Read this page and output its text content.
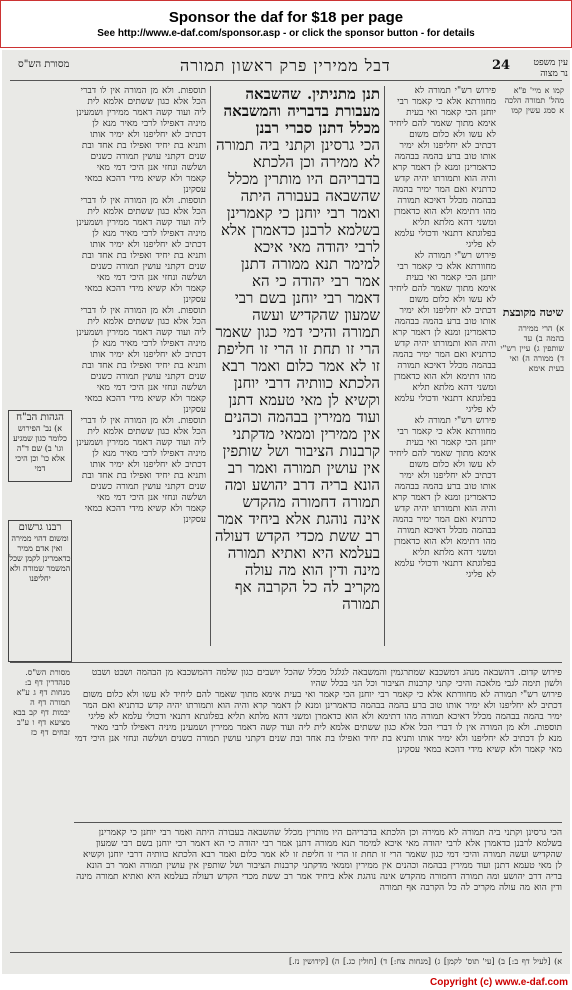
Sponsor the daf for $18 per page
See http://www.e-daf.com/sponsor.asp - or click the sponsor button - for details
מסורת הש"ס	דבל ממירין פרק ראשון תמורה	24	עין משפט נר מצוה

תוספות. ולא מן המורה אין לו דברי הכל אלא כגון ששתים אלמא לית ליה ועוד קשה דאמר ממירין ושמעינן מיניה דאפילו לרבי מאיר מנא לן דכתיב לא יחליפנו ולא ימיר אותו ותניא בת יחיד ואפילו בת אחד ובת שנים דקתני עושין תמורה כשנים ושלשה ונחזי אנן היכי דמי מאי קאמר ולא קשיא מידי דהכא במאי עסקינן

תוספות. ולא מן המורה אין לו דברי הכל אלא כגון ששתים אלמא לית ליה ועוד קשה דאמר ממירין ושמעינן מיניה דאפילו לרבי מאיר מנא לן דכתיב לא יחליפנו ולא ימיר אותו ותניא בת יחיד ואפילו בת אחד ובת שנים דקתני עושין תמורה כשנים ושלשה ונחזי אנן היכי דמי מאי קאמר ולא קשיא מידי דהכא במאי עסקינן

תוספות. ולא מן המורה אין לו דברי הכל אלא כגון ששתים אלמא לית ליה ועוד קשה דאמר ממירין ושמעינן מיניה דאפילו לרבי מאיר מנא לן דכתיב לא יחליפנו ולא ימיר אותו ותניא בת יחיד ואפילו בת אחד ובת שנים דקתני עושין תמורה כשנים ושלשה ונחזי אנן היכי דמי מאי קאמר ולא קשיא מידי דהכא במאי עסקינן

תוספות. ולא מן המורה אין לו דברי הכל אלא כגון ששתים אלמא לית ליה ועוד קשה דאמר ממירין ושמעינן מיניה דאפילו לרבי מאיר מנא לן דכתיב לא יחליפנו ולא ימיר אותו ותניא בת יחיד ואפילו בת אחד ובת שנים דקתני עושין תמורה כשנים ושלשה ונחזי אנן היכי דמי מאי קאמר ולא קשיא מידי דהכא במאי עסקינן

הגהות הב"ח
א) נב' הפירוש כלומר כגון שמגיע וגו' ב) שם ד"ה אלא כו' וכן היכי דמי
רבנו גרשום
ומשום דהוי ממירה ואין אדם ממיר כדאמרינן לקמן שכל המשמר שמורה ולא יחליפנו

תנן מתניתין. שהשבאה מעבורת בדבריה והמשבאה מכלל דתנן סברי רבנן

הכי גרסינן וקתני ביה תמורה לא ממירה וכן הלכתא בדבריהם היו מותרין מכלל שהשבאה בעבורה היתה ואמר רבי יוחנן כי קאמרינן בשלמא לרבנן כדאמרן אלא לרבי יהודה מאי איכא למימר תנא ממורה דתנן אמר רבי יהודה כי הא דאמר רבי יוחנן בשם רבי שמעון שהקדיש ועשה תמורה והיכי דמי כגון שאמר הרי זו תחת זו הרי זו חליפת זו לא אמר כלום ואמר רבא הלכתא כוותיה דרבי יוחנן וקשיא לן מאי טעמא דתנן ועוד ממירין בבהמה וכהנים אין ממירין וממאי מדקתני קרבנות הציבור ושל שותפין אין עושין תמורה ואמר רב הונא בריה דרב יהושע ומה תמורה דחמורה מהקדש אינה נוהגת אלא ביחיד אמר רב ששת מכדי הקדש דעולה בעלמא היא ואתיא תמורה מינה ודין הוא מה עולה מקריב לה כל הקרבה אף תמורה

פירוש רש"י תמורה לא מחוורתא אלא כי קאמר רבי יוחנן הכי קאמר ואי בעית אימא מתוך שאמר להם ליחיד לא עשו ולא כלום משום דכתיב לא יחליפנו ולא ימיר אותו טוב ברע בהמה בבהמה כדאמרינן ומנא לן דאמר קרא והיה הוא ותמורתו יהיה קדש כדתניא ואם המר ימיר בהמה בבהמה מכלל דאיכא תמורה מהו דתימא ולא הוא כדאמרן ומשני דהא מלתא תליא בפלוגתא דתנאי ודכולי עלמא לא פליגי

פירוש רש"י תמורה לא מחוורתא אלא כי קאמר רבי יוחנן הכי קאמר ואי בעית אימא מתוך שאמר להם ליחיד לא עשו ולא כלום משום דכתיב לא יחליפנו ולא ימיר אותו טוב ברע בהמה בבהמה כדאמרינן ומנא לן דאמר קרא והיה הוא ותמורתו יהיה קדש כדתניא ואם המר ימיר בהמה בבהמה מכלל דאיכא תמורה מהו דתימא ולא הוא כדאמרן ומשני דהא מלתא תליא בפלוגתא דתנאי ודכולי עלמא לא פליגי

פירוש רש"י תמורה לא מחוורתא אלא כי קאמר רבי יוחנן הכי קאמר ואי בעית אימא מתוך שאמר להם ליחיד לא עשו ולא כלום משום דכתיב לא יחליפנו ולא ימיר אותו טוב ברע בהמה בבהמה כדאמרינן ומנא לן דאמר קרא והיה הוא ותמורתו יהיה קדש כדתניא ואם המר ימיר בהמה בבהמה מכלל דאיכא תמורה מהו דתימא ולא הוא כדאמרן ומשני דהא מלתא תליא בפלוגתא דתנאי ודכולי עלמא לא פליגי

קמו א מיי' פ"א מהל' תמורה הלכה א סמג עשין קמו

שיטה מקובצת

א) הרי ממירה בהמה ב) עד שותפין ג) עיין רש"י ד) ממורה ה) ואי בעית אימא

פירוש קדום. דהשבאה מנהג דמשכבא שמתרגמין והמשבאה לגלגל מכלל שהכל יושבים כגון שלמה דהמשכבא מן הבהמה ושבט ושבט ולשון תימה לגבי מלאכה והיכי קתני קרבנות הציבור וכל הני בכלל שהיו

פירוש רש"י תמורה לא מחוורתא אלא כי קאמר רבי יוחנן הכי קאמר ואי בעית אימא מתוך שאמר להם ליחיד לא עשו ולא כלום משום דכתיב לא יחליפנו ולא ימיר אותו טוב ברע בהמה בבהמה כדאמרינן ומנא לן דאמר קרא והיה הוא ותמורתו יהיה קדש כדתניא ואם המר ימיר בהמה בבהמה מכלל דאיכא תמורה מהו דתימא ולא הוא כדאמרן ומשני דהא מלתא תליא בפלוגתא דתנאי ודכולי עלמא לא פליגי

תוספות. ולא מן המורה אין לו דברי הכל אלא כגון ששתים אלמא לית ליה ועוד קשה דאמר ממירין ושמעינן מיניה דאפילו לרבי מאיר מנא לן דכתיב לא יחליפנו ולא ימיר אותו ותניא בת יחיד ואפילו בת אחד ובת שנים דקתני עושין תמורה כשנים ושלשה ונחזי אנן היכי דמי מאי קאמר ולא קשיא מידי דהכא במאי עסקינן

מסורת הש"ס. סנהדרין דף ב: מנחות דף ג ע"א תמורה דף ה יבמות דף קב בבא מציעא דף ו ע"ב זבחים דף כז

הכי גרסינן וקתני ביה תמורה לא ממירה וכן הלכתא בדבריהם היו מותרין מכלל שהשבאה בעבורה היתה ואמר רבי יוחנן כי קאמרינן בשלמא לרבנן כדאמרן אלא לרבי יהודה מאי איכא למימר תנא ממורה דתנן אמר רבי יהודה כי הא דאמר רבי יוחנן בשם רבי שמעון שהקדיש ועשה תמורה והיכי דמי כגון שאמר הרי זו תחת זו הרי זו חליפת זו לא אמר כלום ואמר רבא הלכתא כוותיה דרבי יוחנן וקשיא לן מאי טעמא דתנן ועוד ממירין בבהמה וכהנים אין ממירין וממאי מדקתני קרבנות הציבור ושל שותפין אין עושין תמורה ואמר רב הונא בריה דרב יהושע ומה תמורה דחמורה מהקדש אינה נוהגת אלא ביחיד אמר רב ששת מכדי הקדש דעולה בעלמא היא ואתיא תמורה מינה ודין הוא מה עולה מקריב לה כל הקרבה אף תמורה

א) [לעיל דף ב:] ב) [עי' תוס' לקמן] ג) [מנחות צח:] ד) [חולין כג.] ה) [קידושין נז.]

Copyright (c) www.e-daf.com
